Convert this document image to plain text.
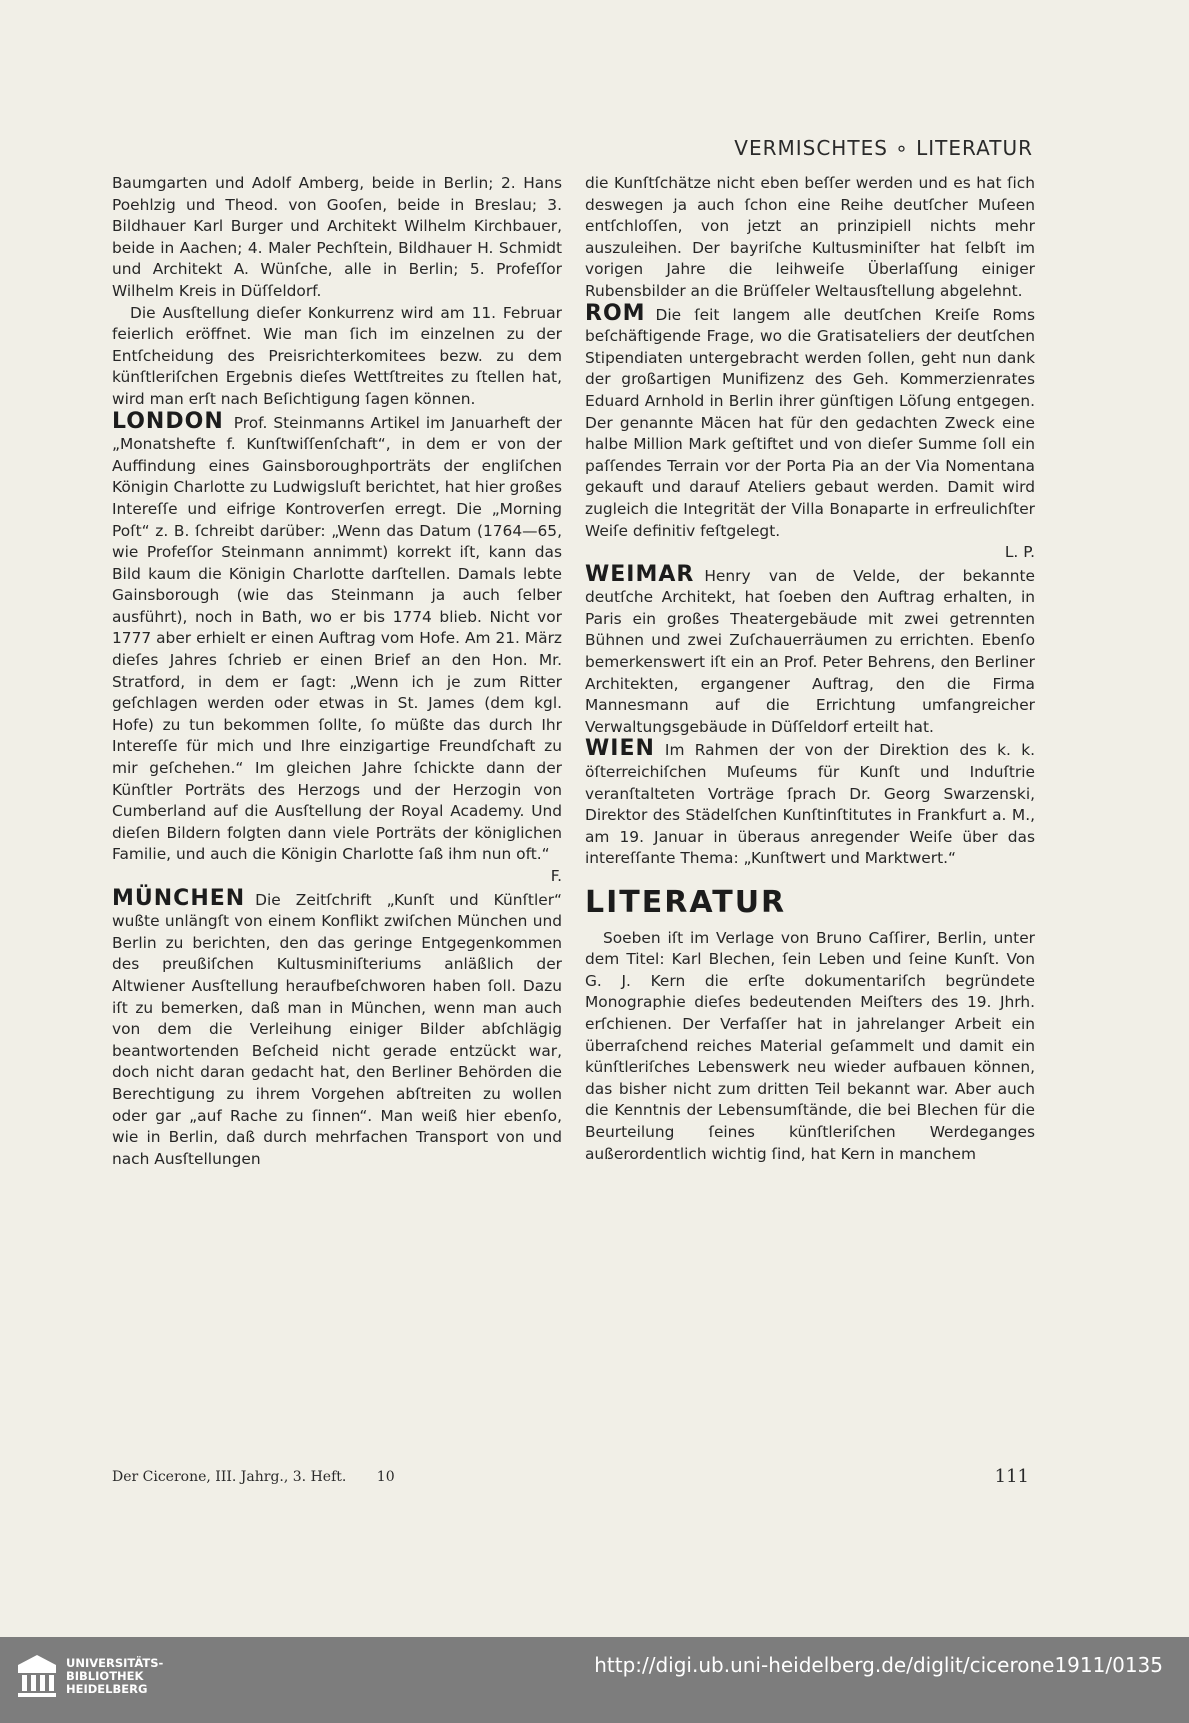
VERMISCHTES ∘ LITERATUR

Baumgarten und Adolf Amberg, beide in Berlin; 2. Hans Poehlzig und Theod. von Gooſen, beide in Breslau; 3. Bildhauer Karl Burger und Architekt Wilhelm Kirchbauer, beide in Aachen; 4. Maler Pechſtein, Bildhauer H. Schmidt und Architekt A. Wünſche, alle in Berlin; 5. Profeſſor Wilhelm Kreis in Düſſeldorf.

Die Ausſtellung dieſer Konkurrenz wird am 11. Februar feierlich eröffnet. Wie man ſich im einzelnen zu der Entſcheidung des Preisrichterkomitees bezw. zu dem künſtleriſchen Ergebnis dieſes Wettſtreites zu ſtellen hat, wird man erſt nach Beſichtigung ſagen können.

LONDON Prof. Steinmanns Artikel im Januarheft der „Monatshefte f. Kunſtwiſſenſchaft“, in dem er von der Auffindung eines Gainsboroughporträts der engliſchen Königin Charlotte zu Ludwigsluſt berichtet, hat hier großes Intereſſe und eifrige Kontroverſen erregt. Die „Morning Poſt“ z. B. ſchreibt darüber: „Wenn das Datum (1764—65, wie Profeſſor Steinmann annimmt) korrekt iſt, kann das Bild kaum die Königin Charlotte darſtellen. Damals lebte Gainsborough (wie das Steinmann ja auch ſelber ausführt), noch in Bath, wo er bis 1774 blieb. Nicht vor 1777 aber erhielt er einen Auftrag vom Hofe. Am 21. März dieſes Jahres ſchrieb er einen Brief an den Hon. Mr. Stratford, in dem er ſagt: „Wenn ich je zum Ritter geſchlagen werden oder etwas in St. James (dem kgl. Hofe) zu tun bekommen ſollte, ſo müßte das durch Ihr Intereſſe für mich und Ihre einzigartige Freundſchaft zu mir geſchehen.“ Im gleichen Jahre ſchickte dann der Künſtler Porträts des Herzogs und der Herzogin von Cumberland auf die Ausſtellung der Royal Academy. Und dieſen Bildern folgten dann viele Porträts der königlichen Familie, und auch die Königin Charlotte ſaß ihm nun oft.“

F.

MÜNCHEN Die Zeitſchrift „Kunſt und Künſtler“ wußte unlängſt von einem Konflikt zwiſchen München und Berlin zu berichten, den das geringe Entgegenkommen des preußiſchen Kultusminiſteriums anläßlich der Altwiener Ausſtellung heraufbeſchworen haben ſoll. Dazu iſt zu bemerken, daß man in München, wenn man auch von dem die Verleihung einiger Bilder abſchlägig beantwortenden Beſcheid nicht gerade entzückt war, doch nicht daran gedacht hat, den Berliner Behörden die Berechtigung zu ihrem Vorgehen abſtreiten zu wollen oder gar „auf Rache zu ſinnen“. Man weiß hier ebenſo, wie in Berlin, daß durch mehrfachen Transport von und nach Ausſtellungen

die Kunſtſchätze nicht eben beſſer werden und es hat ſich deswegen ja auch ſchon eine Reihe deutſcher Muſeen entſchloſſen, von jetzt an prinzipiell nichts mehr auszuleihen. Der bayriſche Kultusminiſter hat ſelbſt im vorigen Jahre die leihweiſe Überlaſſung einiger Rubensbilder an die Brüſſeler Weltausſtellung abgelehnt.

ROM Die ſeit langem alle deutſchen Kreiſe Roms beſchäftigende Frage, wo die Gratisateliers der deutſchen Stipendiaten untergebracht werden ſollen, geht nun dank der großartigen Munifizenz des Geh. Kommerzienrates Eduard Arnhold in Berlin ihrer günſtigen Löſung entgegen. Der genannte Mäcen hat für den gedachten Zweck eine halbe Million Mark geſtiftet und von dieſer Summe ſoll ein paſſendes Terrain vor der Porta Pia an der Via Nomentana gekauft und darauf Ateliers gebaut werden. Damit wird zugleich die Integrität der Villa Bonaparte in erfreulichſter Weiſe definitiv feſtgelegt.

L. P.

WEIMAR Henry van de Velde, der bekannte deutſche Architekt, hat ſoeben den Auftrag erhalten, in Paris ein großes Theatergebäude mit zwei getrennten Bühnen und zwei Zuſchauerräumen zu errichten. Ebenſo bemerkenswert iſt ein an Prof. Peter Behrens, den Berliner Architekten, ergangener Auftrag, den die Firma Mannesmann auf die Errichtung umfangreicher Verwaltungsgebäude in Düſſeldorf erteilt hat.

WIEN Im Rahmen der von der Direktion des k. k. öſterreichiſchen Muſeums für Kunſt und Induſtrie veranſtalteten Vorträge ſprach Dr. Georg Swarzenski, Direktor des Städelſchen Kunſtinſtitutes in Frankfurt a. M., am 19. Januar in überaus anregender Weiſe über das intereſſante Thema: „Kunſtwert und Marktwert.“

LITERATUR

Soeben iſt im Verlage von Bruno Caſſirer, Berlin, unter dem Titel: Karl Blechen, ſein Leben und ſeine Kunſt. Von G. J. Kern die erſte dokumentariſch begründete Monographie dieſes bedeutenden Meiſters des 19. Jhrh. erſchienen. Der Verfaſſer hat in jahrelanger Arbeit ein überraſchend reiches Material geſammelt und damit ein künſtleriſches Lebenswerk neu wieder aufbauen können, das bisher nicht zum dritten Teil bekannt war. Aber auch die Kenntnis der Lebensumſtände, die bei Blechen für die Beurteilung ſeines künſtleriſchen Werdeganges außerordentlich wichtig ſind, hat Kern in manchem

Der Cicerone, III. Jahrg., 3. Heft. 10	111
UNIVERSITÄTS-
BIBLIOTHEK
HEIDELBERG
http://digi.ub.uni-heidelberg.de/diglit/cicerone1911/0135
